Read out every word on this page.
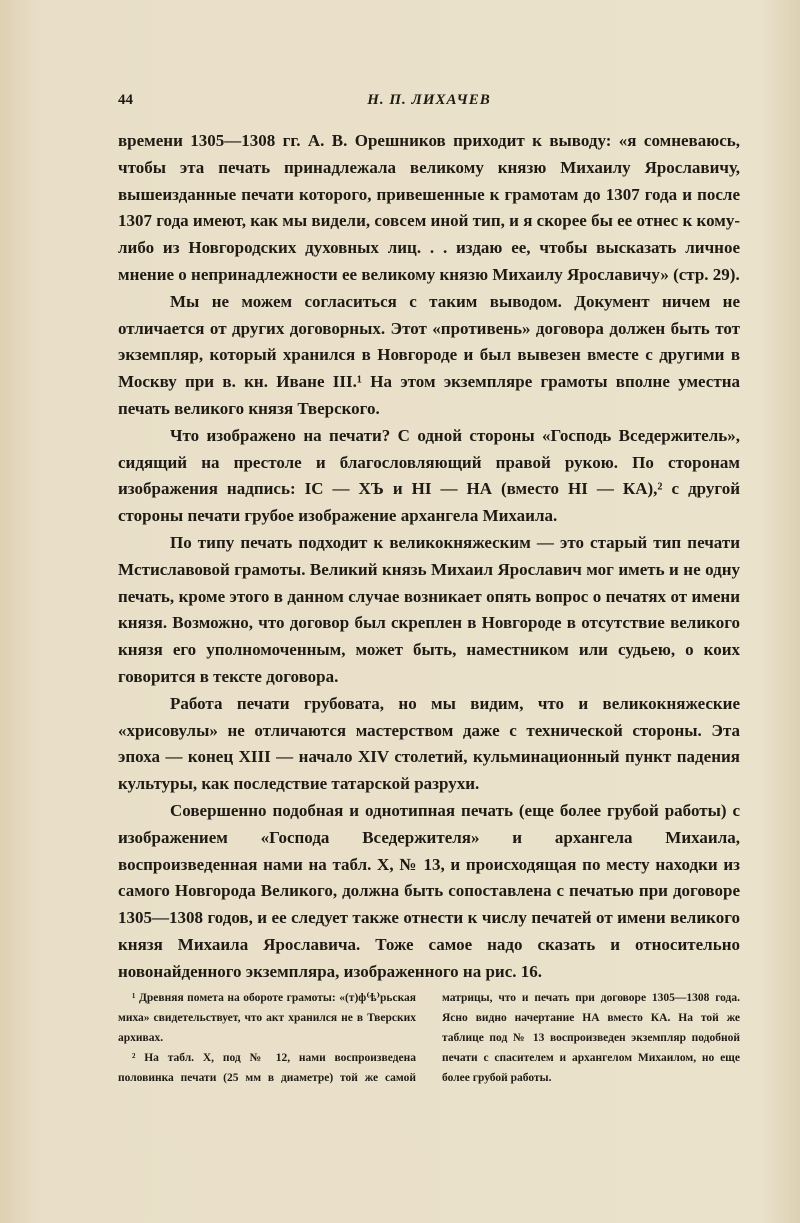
44	Н. П. ЛИХАЧЕВ

времени 1305—1308 гг. А. В. Орешников приходит к выводу: «я сомневаюсь, чтобы эта печать принадлежала великому князю Михаилу Ярославичу, вышеизданные печати которого, привешенные к грамотам до 1307 года и после 1307 года имеют, как мы видели, совсем иной тип, и я скорее бы ее отнес к кому-либо из Новгородских духовных лиц. . . издаю ее, чтобы высказать личное мнение о непринадлежности ее великому князю Михаилу Ярославичу» (стр. 29).

Мы не можем согласиться с таким выводом. Документ ничем не отличается от других договорных. Этот «противень» договора должен быть тот экземпляр, который хранился в Новгороде и был вывезен вместе с другими в Москву при в. кн. Иване III.¹ На этом экземпляре грамоты вполне уместна печать великого князя Тверского.

Что изображено на печати? С одной стороны «Господь Вседержитель», сидящий на престоле и благословляющий правой рукою. По сторонам изображения надпись: ІС — ХЪ и НІ — НА (вместо НІ — КА),² с другой стороны печати грубое изображение архангела Михаила.

По типу печать подходит к великокняжеским — это старый тип печати Мстиславовой грамоты. Великий князь Михаил Ярославич мог иметь и не одну печать, кроме этого в данном случае возникает опять вопрос о печатях от имени князя. Возможно, что договор был скреплен в Новгороде в отсутствие великого князя его уполномоченным, может быть, наместником или судьею, о коих говорится в тексте договора.

Работа печати грубовата, но мы видим, что и великокняжеские «хрисовулы» не отличаются мастерством даже с технической стороны. Эта эпоха — конец XIII — начало XIV столетий, кульминационный пункт падения культуры, как последствие татарской разрухи.

Совершенно подобная и однотипная печать (еще более грубой работы) с изображением «Господа Вседержителя» и архангела Михаила, воспроизведенная нами на табл. X, № 13, и происходящая по месту находки из самого Новгорода Великого, должна быть сопоставлена с печатью при договоре 1305—1308 годов, и ее следует также отнести к числу печатей от имени великого князя Михаила Ярославича. Тоже самое надо сказать и относительно новонайденного экземпляра, изображенного на рис. 16.

¹ Древняя помета на обороте грамоты: «(т)ф⁽ѣ⁾рьская миха» свидетельствует, что акт хранился не в Тверских архивах.

² На табл. X, под № 12, нами воспроизведена половинка печати (25 мм в диаметре) той же самой матрицы, что и печать при договоре 1305—1308 года. Ясно видно начертание НА вместо КА. На той же таблице под № 13 воспроизведен экземпляр подобной печати с спасителем и архангелом Михаилом, но еще более грубой работы.
